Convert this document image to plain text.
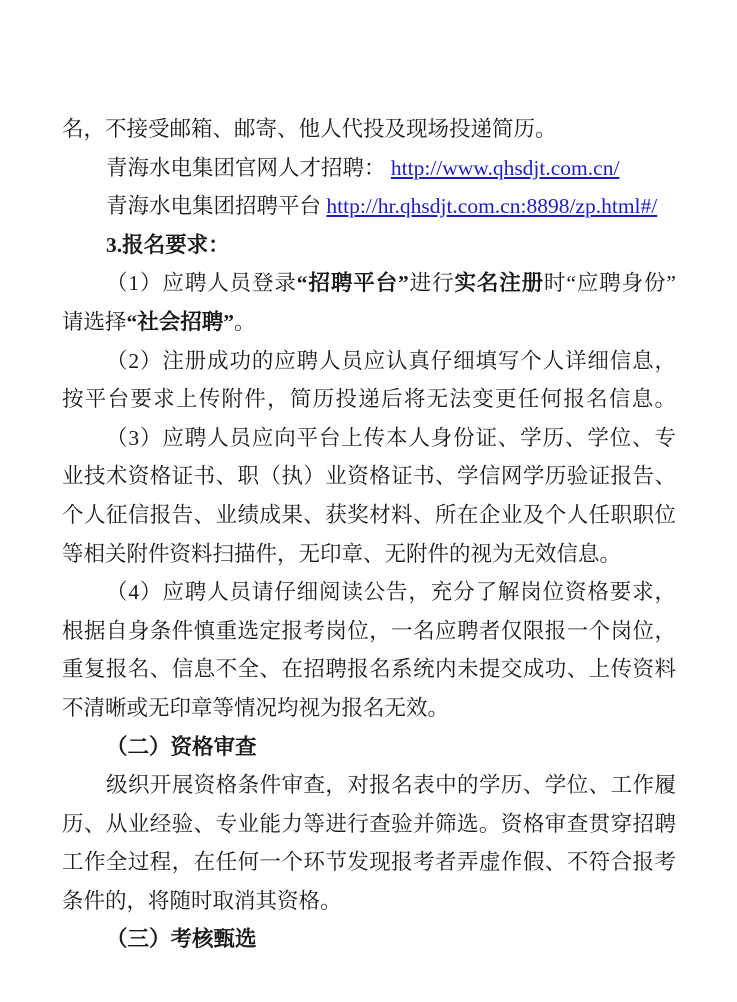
名，不接受邮箱、邮寄、他人代投及现场投递简历。
青海水电集团官网人才招聘： http://www.qhsdjt.com.cn/
青海水电集团招聘平台 http://hr.qhsdjt.com.cn:8898/zp.html#/
3.报名要求：
（1）应聘人员登录“招聘平台”进行实名注册时“应聘身份”
请选择“社会招聘”。
（2）注册成功的应聘人员应认真仔细填写个人详细信息，
按平台要求上传附件，简历投递后将无法变更任何报名信息。
（3）应聘人员应向平台上传本人身份证、学历、学位、专
业技术资格证书、职（执）业资格证书、学信网学历验证报告、
个人征信报告、业绩成果、获奖材料、所在企业及个人任职职位
等相关附件资料扫描件，无印章、无附件的视为无效信息。
（4）应聘人员请仔细阅读公告，充分了解岗位资格要求，
根据自身条件慎重选定报考岗位，一名应聘者仅限报一个岗位，
重复报名、信息不全、在招聘报名系统内未提交成功、上传资料
不清晰或无印章等情况均视为报名无效。
（二）资格审查
级织开展资格条件审查，对报名表中的学历、学位、工作履
历、从业经验、专业能力等进行查验并筛选。资格审查贯穿招聘
工作全过程，在任何一个环节发现报考者弄虚作假、不符合报考
条件的，将随时取消其资格。
（三）考核甄选
